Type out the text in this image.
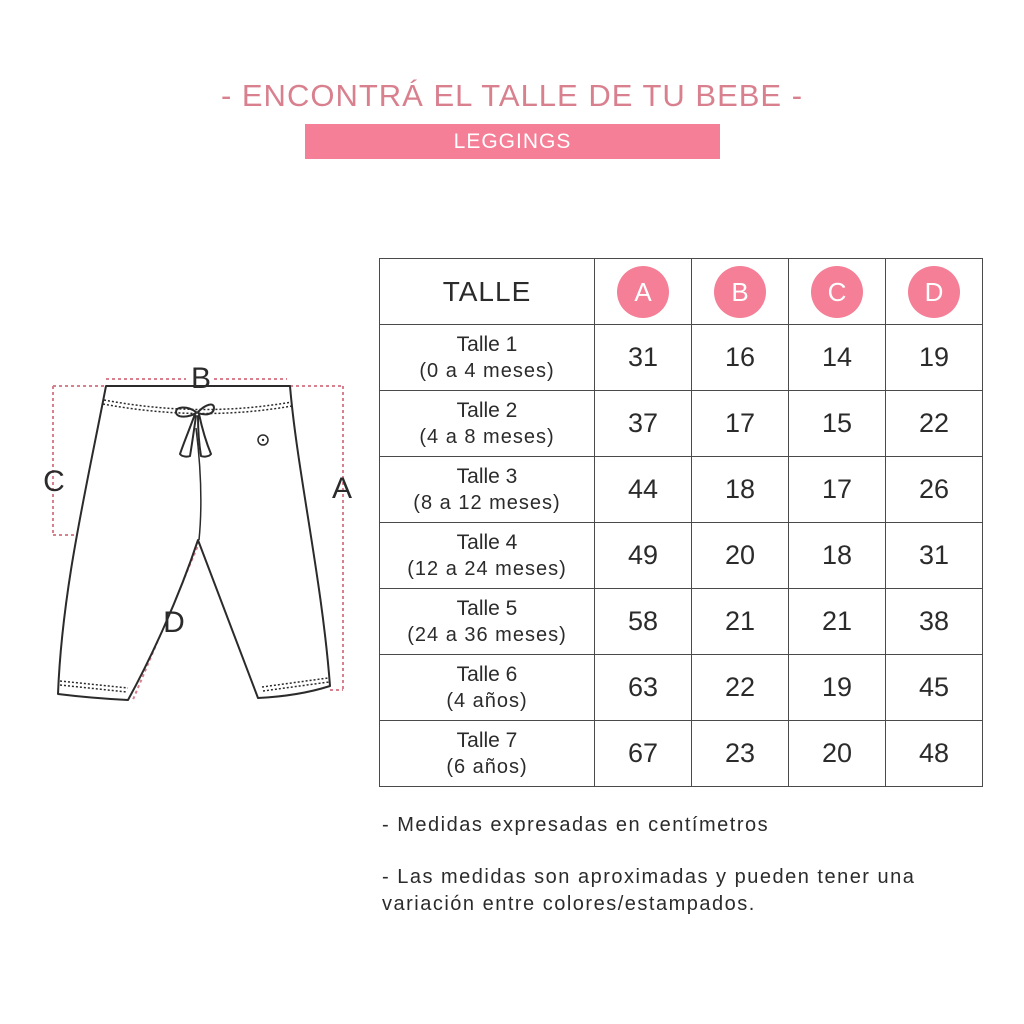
- ENCONTRÁ EL TALLE DE TU BEBE -
LEGGINGS
B
A
C
D
TALLE	A	B	C	D

Talle 1
(0 a 4 meses)	31	16	14	19

Talle 2
(4 a 8 meses)	37	17	15	22

Talle 3
(8 a 12 meses)	44	18	17	26

Talle 4
(12 a 24 meses)	49	20	18	31

Talle 5
(24 a 36 meses)	58	21	21	38

Talle 6
(4 años)	63	22	19	45

Talle 7
(6 años)	67	23	20	48
- Medidas expresadas en centímetros
- Las medidas son aproximadas y pueden tener una variación entre colores/estampados.
